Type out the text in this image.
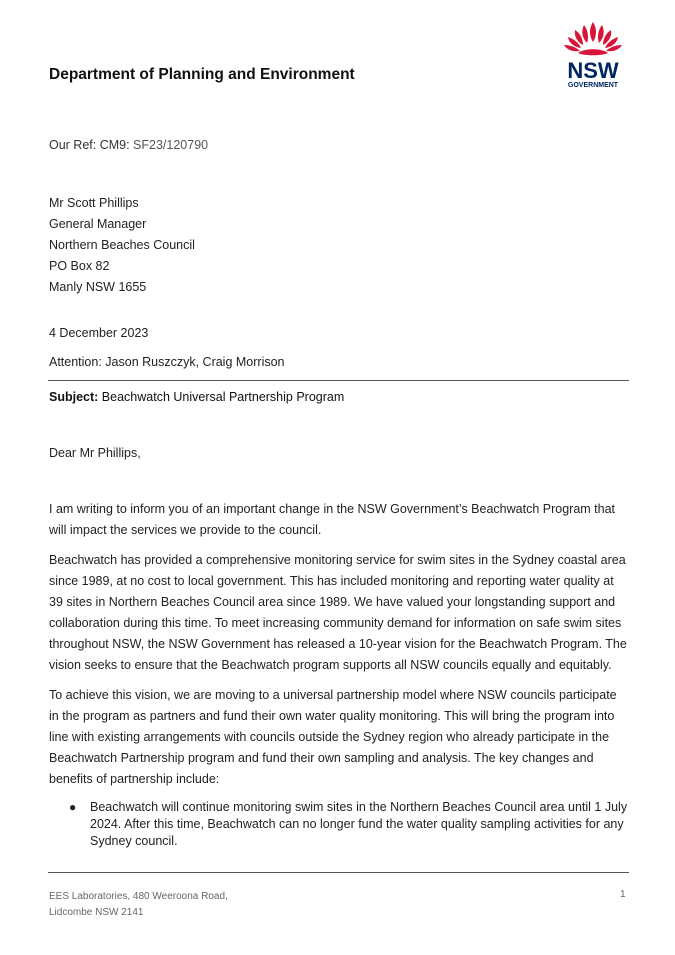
Department of Planning and Environment	NSW
GOVERNMENT
Our Ref: CM9: SF23/120790
Mr Scott Phillips
General Manager
Northern Beaches Council
PO Box 82
Manly NSW 1655
4 December 2023
Attention: Jason Ruszczyk, Craig Morrison
Subject: Beachwatch Universal Partnership Program
Dear Mr Phillips,

I am writing to inform you of an important change in the NSW Government’s Beachwatch Program that will impact the services we provide to the council.

Beachwatch has provided a comprehensive monitoring service for swim sites in the Sydney coastal area since 1989, at no cost to local government. This has included monitoring and reporting water quality at 39 sites in Northern Beaches Council area since 1989. We have valued your longstanding support and collaboration during this time. To meet increasing community demand for information on safe swim sites throughout NSW, the NSW Government has released a 10-year vision for the Beachwatch Program. The vision seeks to ensure that the Beachwatch program supports all NSW councils equally and equitably.

To achieve this vision, we are moving to a universal partnership model where NSW councils participate in the program as partners and fund their own water quality monitoring. This will bring the program into line with existing arrangements with councils outside the Sydney region who already participate in the Beachwatch Partnership program and fund their own sampling and analysis. The key changes and benefits of partnership include:

● Beachwatch will continue monitoring swim sites in the Northern Beaches Council area until 1 July 2024. After this time, Beachwatch can no longer fund the water quality sampling activities for any Sydney council.
EES Laboratories, 480 Weeroona Road,
Lidcombe NSW 2141
1
